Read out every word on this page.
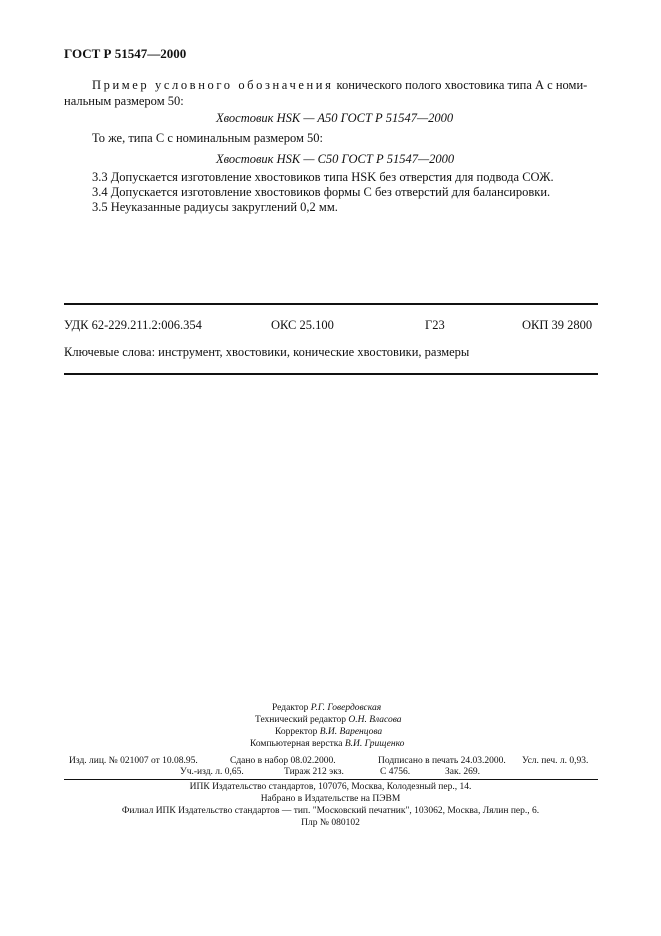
ГОСТ Р 51547—2000
Пример условного обозначения конического полого хвостовика типа А с номи-
нальным размером 50:
Хвостовик HSK — A50 ГОСТ Р 51547—2000
То же, типа С с номинальным размером 50:
Хвостовик HSK — C50 ГОСТ Р 51547—2000
3.3 Допускается изготовление хвостовиков типа HSK без отверстия для подвода СОЖ.
3.4 Допускается изготовление хвостовиков формы С без отверстий для балансировки.
3.5 Неуказанные радиусы закруглений 0,2 мм.
УДК 62-229.211.2:006.354	ОКС 25.100	Г23	ОКП 39 2800
Ключевые слова: инструмент, хвостовики, конические хвостовики, размеры
Редактор Р.Г. Говердовская
Технический редактор О.Н. Власова
Корректор В.И. Варенцова
Компьютерная верстка В.И. Грищенко
Изд. лиц. № 021007 от 10.08.95.	Сдано в набор 08.02.2000.	Подписано в печать 24.03.2000. Усл. печ. л. 0,93.
Уч.-изд. л. 0,65.	Тираж 212 экз.	С 4756.	Зак. 269.
ИПК Издательство стандартов, 107076, Москва, Колодезный пер., 14.
Набрано в Издательстве на ПЭВМ
Филиал ИПК Издательство стандартов — тип. "Московский печатник", 103062, Москва, Лялин пер., 6.
Плр № 080102
